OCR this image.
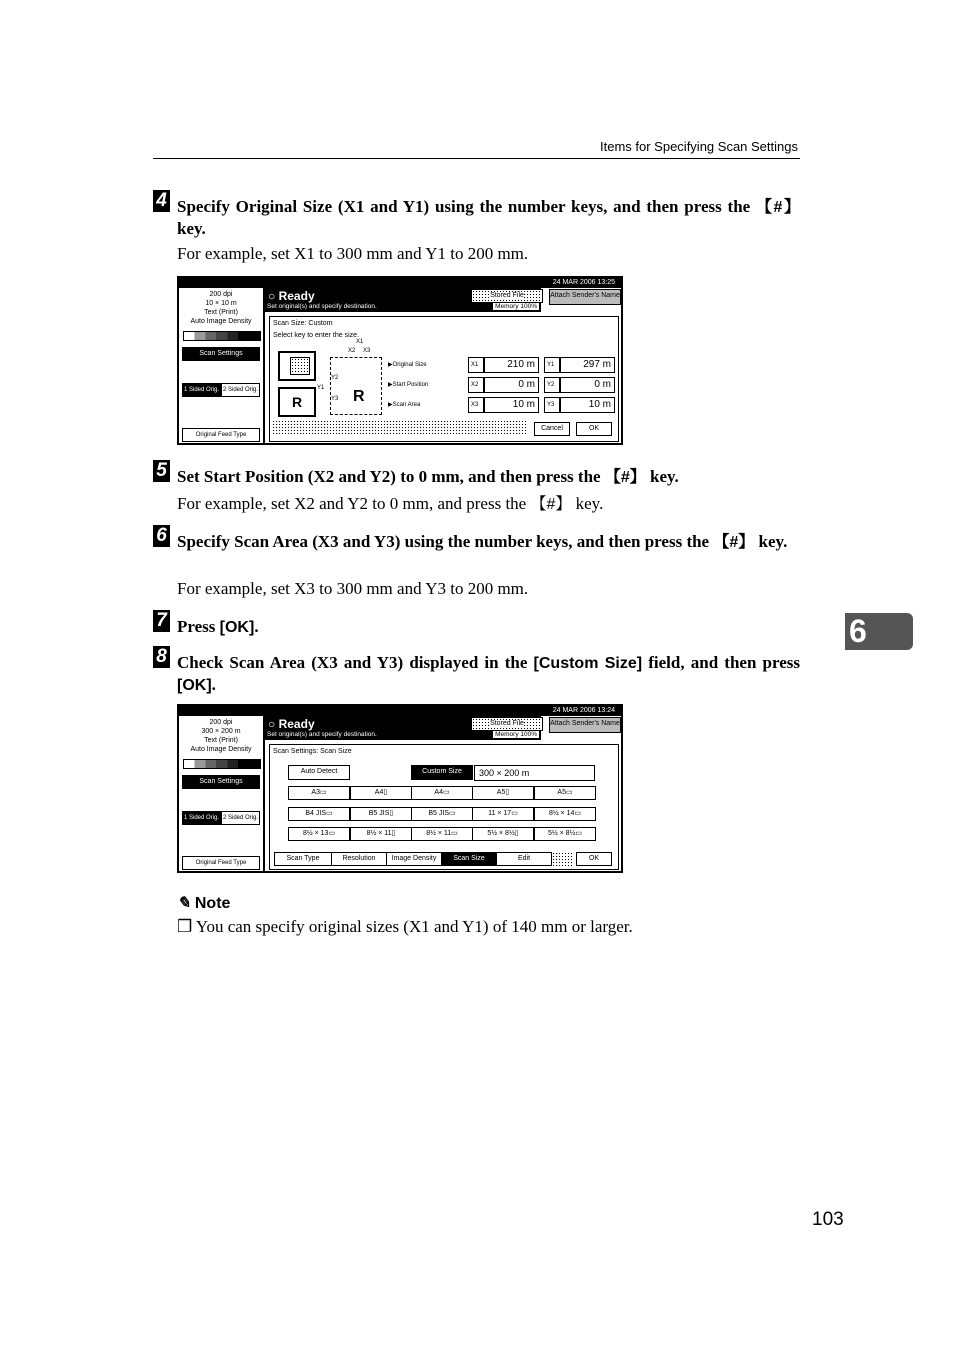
Items for Specifying Scan Settings
4 Specify Original Size (X1 and Y1) using the number keys, and then press the 【#】 key.
For example, set X1 to 300 mm and Y1 to 200 mm.
24 MAR 2006 13:25
200 dpi
10 × 10 m
Text (Print)
Auto Image Density
Scan Settings
1 Sided Orig. 2 Sided Orig.
Original Feed Type
○ Ready
Set original(s) and specify destination.	Memory 100%
Stored File	Attach Sender's Name
Scan Size: Custom
Select key to enter the size.
R	R
X1
X2 X3
Y1
Y2
Y3
▶Original Size	X1	210 m	Y1	297 m
▶Start Position	X2	0 m	Y2	0 m
▶Scan Area	X3	10 m	Y3	10 m
Cancel	OK
5 Set Start Position (X2 and Y2) to 0 mm, and then press the 【#】 key.
For example, set X2 and Y2 to 0 mm, and press the 【#】 key.
6 Specify Scan Area (X3 and Y3) using the number keys, and then press the 【#】 key.
For example, set X3 to 300 mm and Y3 to 200 mm.
7 Press [OK].	6
8 Check Scan Area (X3 and Y3) displayed in the [Custom Size] field, and then press [OK].
24 MAR 2006 13:24
200 dpi
300 × 200 m
Text (Print)
Auto Image Density
Scan Settings
1 Sided Orig. 2 Sided Orig.
Original Feed Type
○ Ready
Set original(s) and specify destination.	Memory 100%
Stored File	Attach Sender's Name
Scan Settings: Scan Size
Auto Detect	Custom Size	300 × 200 m
A3▭	A4▯	A4▭	A5▯	A5▭
B4 JIS▭	B5 JIS▯	B5 JIS▭	11 × 17▭	8½ × 14▭
8½ × 13▭	8½ × 11▯	8½ × 11▭	5½ × 8½▯	5½ × 8½▭
Scan Type	Resolution	Image Density	Scan Size	Edit	OK
✎ Note
❒ You can specify original sizes (X1 and Y1) of 140 mm or larger.
103
